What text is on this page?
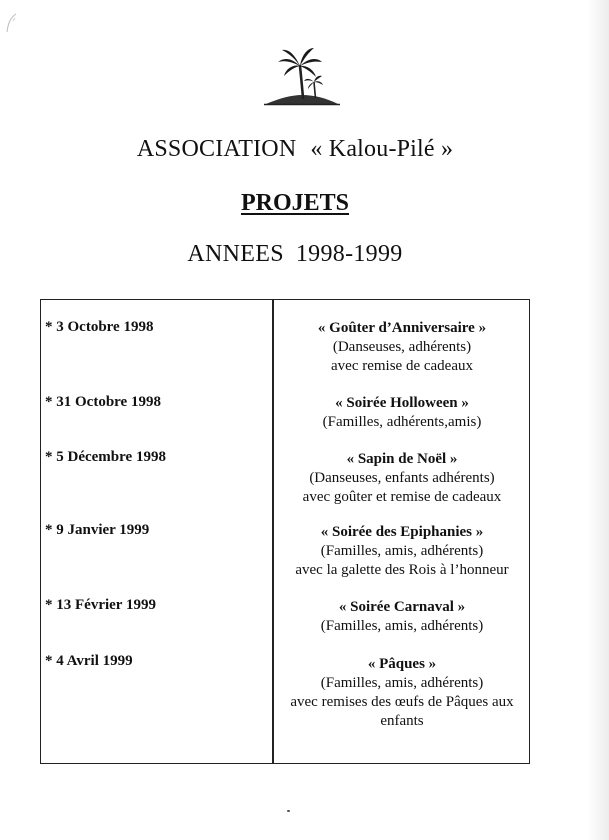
ASSOCIATION « Kalou-Pilé »
PROJETS
ANNEES 1998-1999
* 3 Octobre 1998	« Goûter d’Anniversaire »
(Danseuses, adhérents)
avec remise de cadeaux
* 31 Octobre 1998	« Soirée Holloween »
(Familles, adhérents,amis)
* 5 Décembre 1998	« Sapin de Noël »
(Danseuses, enfants adhérents)
avec goûter et remise de cadeaux
* 9 Janvier 1999	« Soirée des Epiphanies »
(Familles, amis, adhérents)
avec la galette des Rois à l’honneur
* 13 Février 1999	« Soirée Carnaval »
(Familles, amis, adhérents)
* 4 Avril 1999	« Pâques »
(Familles, amis, adhérents)
avec remises des œufs de Pâques aux
enfants
